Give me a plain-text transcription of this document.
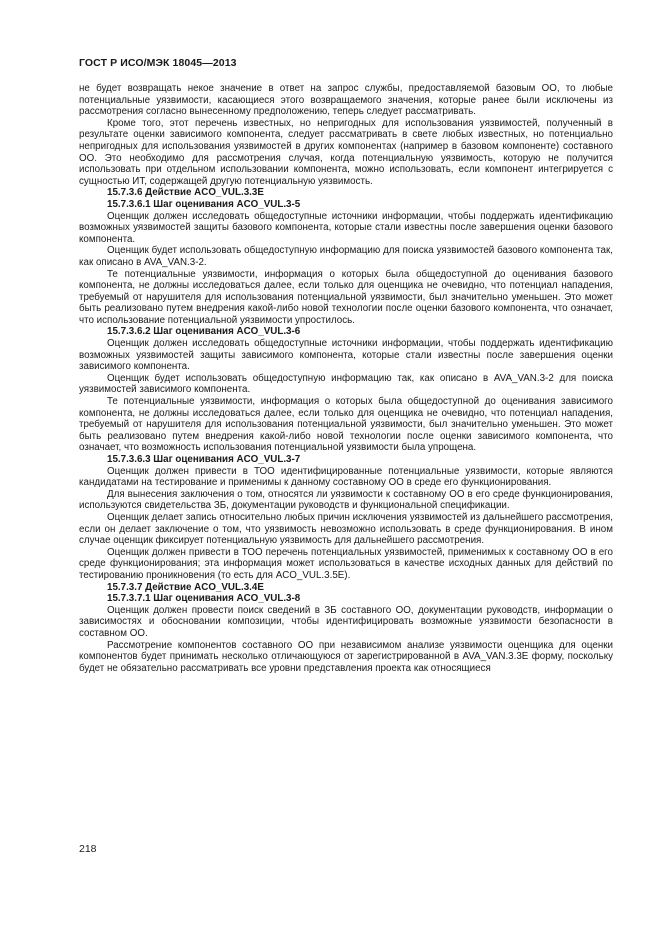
ГОСТ Р ИСО/МЭК 18045—2013

не будет возвращать некое значение в ответ на запрос службы, предоставляемой базовым ОО, то любые потенциальные уязвимости, касающиеся этого возвращаемого значения, которые ранее были исключены из рассмотрения согласно вынесенному предположению, теперь следует рассматривать.

Кроме того, этот перечень известных, но непригодных для использования уязвимостей, полученный в результате оценки зависимого компонента, следует рассматривать в свете любых известных, но потенциально непригодных для использования уязвимостей в других компонентах (например в базовом компоненте) составного ОО. Это необходимо для рассмотрения случая, когда потенциальную уязвимость, которую не получится использовать при отдельном использовании компонента, можно использовать, если компонент интегрируется с сущностью ИТ, содержащей другую потенциальную уязвимость.

15.7.3.6 Действие ACO_VUL.3.3E
15.7.3.6.1 Шаг оценивания ACO_VUL.3-5

Оценщик должен исследовать общедоступные источники информации, чтобы поддержать идентификацию возможных уязвимостей защиты базового компонента, которые стали известны после завершения оценки базового компонента.

Оценщик будет использовать общедоступную информацию для поиска уязвимостей базового компонента так, как описано в AVA_VAN.3-2.

Те потенциальные уязвимости, информация о которых была общедоступной до оценивания базового компонента, не должны исследоваться далее, если только для оценщика не очевидно, что потенциал нападения, требуемый от нарушителя для использования потенциальной уязвимости, был значительно уменьшен. Это может быть реализовано путем внедрения какой-либо новой технологии после оценки базового компонента, что означает, что использование потенциальной уязвимости упростилось.

15.7.3.6.2 Шаг оценивания ACO_VUL.3-6

Оценщик должен исследовать общедоступные источники информации, чтобы поддержать идентификацию возможных уязвимостей защиты зависимого компонента, которые стали известны после завершения оценки зависимого компонента.

Оценщик будет использовать общедоступную информацию так, как описано в AVA_VAN.3-2 для поиска уязвимостей зависимого компонента.

Те потенциальные уязвимости, информация о которых была общедоступной до оценивания зависимого компонента, не должны исследоваться далее, если только для оценщика не очевидно, что потенциал нападения, требуемый от нарушителя для использования потенциальной уязвимости, был значительно уменьшен. Это может быть реализовано путем внедрения какой-либо новой технологии после оценки зависимого компонента, что означает, что возможность использования потенциальной уязвимости была упрощена.

15.7.3.6.3 Шаг оценивания ACO_VUL.3-7

Оценщик должен привести в ТОО идентифицированные потенциальные уязвимости, которые являются кандидатами на тестирование и применимы к данному составному ОО в среде его функционирования.

Для вынесения заключения о том, относятся ли уязвимости к составному ОО в его среде функционирования, используются свидетельства ЗБ, документации руководств и функциональной спецификации.

Оценщик делает запись относительно любых причин исключения уязвимостей из дальнейшего рассмотрения, если он делает заключение о том, что уязвимость невозможно использовать в среде функционирования. В ином случае оценщик фиксирует потенциальную уязвимость для дальнейшего рассмотрения.

Оценщик должен привести в ТОО перечень потенциальных уязвимостей, применимых к составному ОО в его среде функционирования; эта информация может использоваться в качестве исходных данных для действий по тестированию проникновения (то есть для ACO_VUL.3.5E).

15.7.3.7 Действие ACO_VUL.3.4E
15.7.3.7.1 Шаг оценивания ACO_VUL.3-8

Оценщик должен провести поиск сведений в ЗБ составного ОО, документации руководств, информации о зависимостях и обосновании композиции, чтобы идентифицировать возможные уязвимости безопасности в составном ОО.

Рассмотрение компонентов составного ОО при независимом анализе уязвимости оценщика для оценки компонентов будет принимать несколько отличающуюся от зарегистрированной в AVA_VAN.3.3E форму, поскольку будет не обязательно рассматривать все уровни представления проекта как относящиеся

218
